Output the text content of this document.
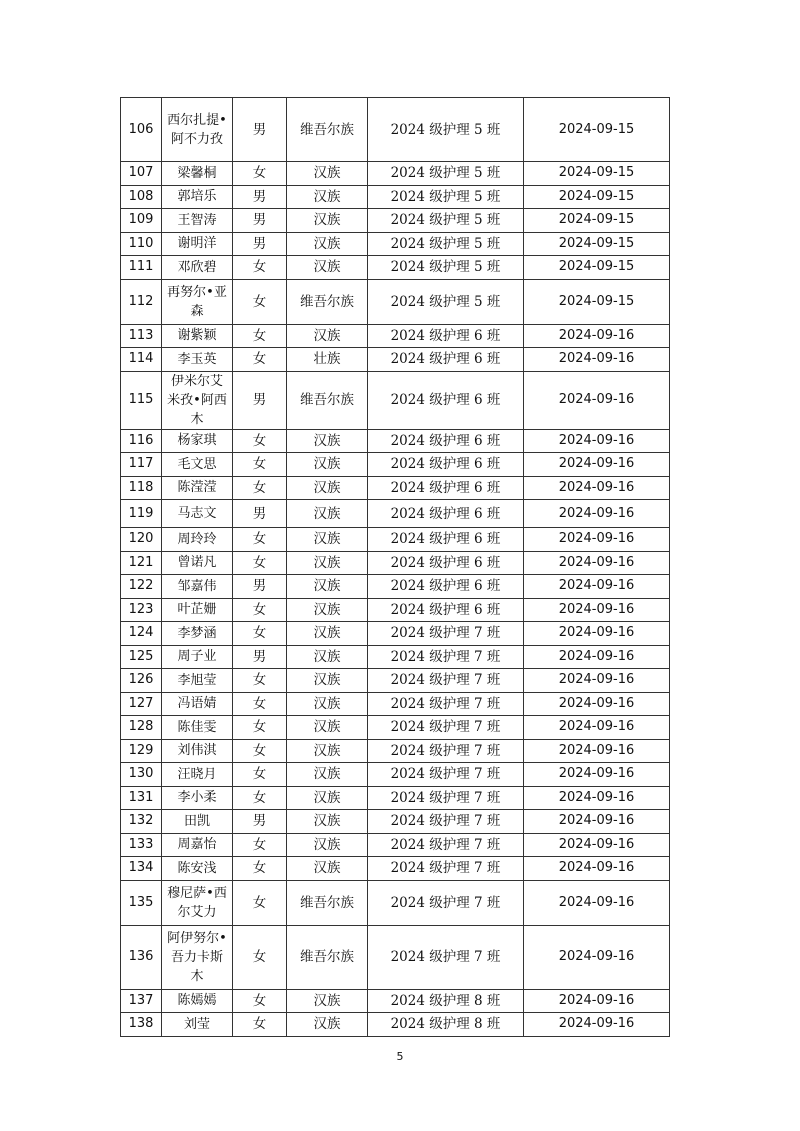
106	西尔扎提•阿不力孜	男	维吾尔族	2024 级护理 5 班	2024-09-15
107	梁馨桐	女	汉族	2024 级护理 5 班	2024-09-15
108	郭培乐	男	汉族	2024 级护理 5 班	2024-09-15
109	王智涛	男	汉族	2024 级护理 5 班	2024-09-15
110	谢明洋	男	汉族	2024 级护理 5 班	2024-09-15
111	邓欣碧	女	汉族	2024 级护理 5 班	2024-09-15
112	再努尔•亚森	女	维吾尔族	2024 级护理 5 班	2024-09-15
113	谢紫颖	女	汉族	2024 级护理 6 班	2024-09-16
114	李玉英	女	壮族	2024 级护理 6 班	2024-09-16
115	伊米尔艾米孜•阿西木	男	维吾尔族	2024 级护理 6 班	2024-09-16
116	杨家琪	女	汉族	2024 级护理 6 班	2024-09-16
117	毛文思	女	汉族	2024 级护理 6 班	2024-09-16
118	陈滢滢	女	汉族	2024 级护理 6 班	2024-09-16
119	马志文	男	汉族	2024 级护理 6 班	2024-09-16
120	周玲玲	女	汉族	2024 级护理 6 班	2024-09-16
121	曾诺凡	女	汉族	2024 级护理 6 班	2024-09-16
122	邹嘉伟	男	汉族	2024 级护理 6 班	2024-09-16
123	叶芷姗	女	汉族	2024 级护理 6 班	2024-09-16
124	李梦涵	女	汉族	2024 级护理 7 班	2024-09-16
125	周子业	男	汉族	2024 级护理 7 班	2024-09-16
126	李旭莹	女	汉族	2024 级护理 7 班	2024-09-16
127	冯语婧	女	汉族	2024 级护理 7 班	2024-09-16
128	陈佳雯	女	汉族	2024 级护理 7 班	2024-09-16
129	刘伟淇	女	汉族	2024 级护理 7 班	2024-09-16
130	汪晓月	女	汉族	2024 级护理 7 班	2024-09-16
131	李小柔	女	汉族	2024 级护理 7 班	2024-09-16
132	田凯	男	汉族	2024 级护理 7 班	2024-09-16
133	周嘉怡	女	汉族	2024 级护理 7 班	2024-09-16
134	陈安浅	女	汉族	2024 级护理 7 班	2024-09-16
135	穆尼萨•西尔艾力	女	维吾尔族	2024 级护理 7 班	2024-09-16
136	阿伊努尔•吾力卡斯木	女	维吾尔族	2024 级护理 7 班	2024-09-16
137	陈嫣嫣	女	汉族	2024 级护理 8 班	2024-09-16
138	刘莹	女	汉族	2024 级护理 8 班	2024-09-16
5
